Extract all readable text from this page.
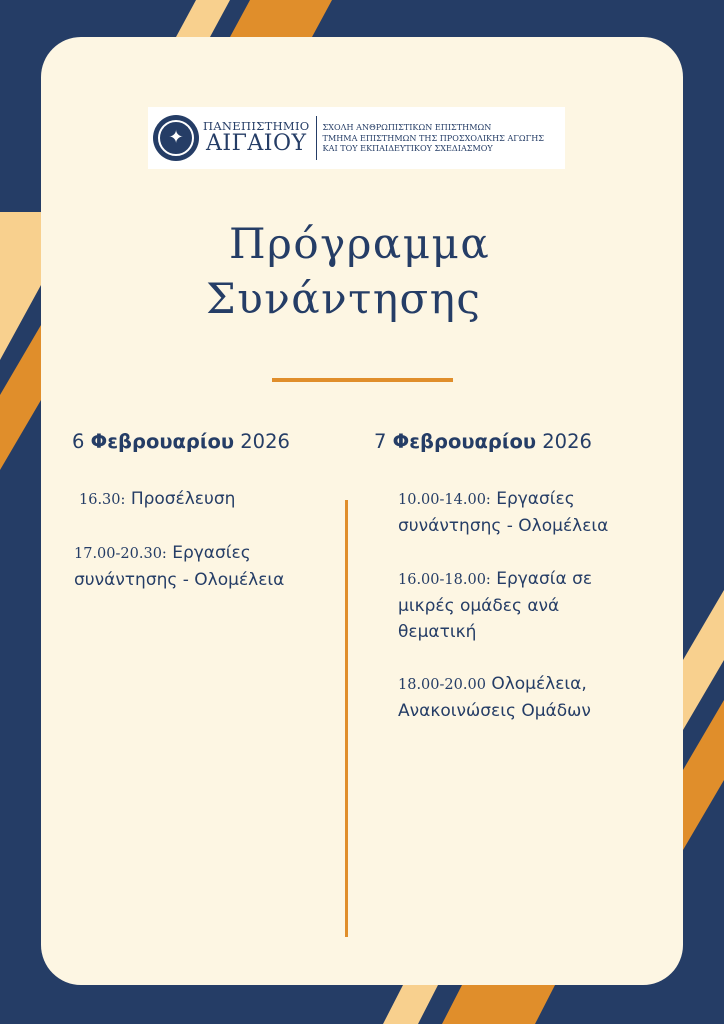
✦
ΠΑΝΕΠΙΣΤΗΜΙΟ
ΑΙΓΑΙΟΥ
ΣΧΟΛΗ ΑΝΘΡΩΠΙΣΤΙΚΩΝ ΕΠΙΣΤΗΜΩΝ
ΤΜΗΜΑ ΕΠΙΣΤΗΜΩΝ ΤΗΣ ΠΡΟΣΧΟΛΙΚΗΣ ΑΓΩΓΗΣ
ΚΑΙ ΤΟΥ ΕΚΠΑΙΔΕΥΤΙΚΟΥ ΣΧΕΔΙΑΣΜΟΥ
Πρόγραμμα
Συνάντησης
6 Φεβρουαρίου 2026	7 Φεβρουαρίου 2026
16.30: Προσέλευση
17.00-20.30: Εργασίες συνάντησης - Ολομέλεια
10.00-14.00: Εργασίες συνάντησης - Ολομέλεια
16.00-18.00: Εργασία σε μικρές ομάδες ανά θεματική
18.00-20.00 Ολομέλεια, Ανακοινώσεις Ομάδων
